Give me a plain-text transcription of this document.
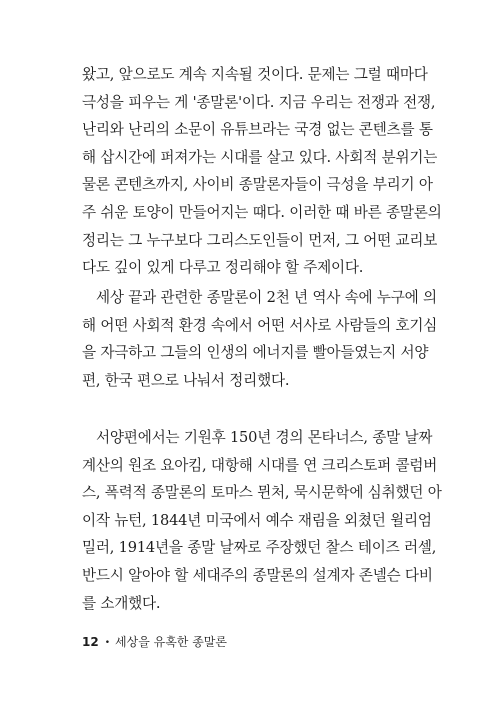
왔고, 앞으로도 계속 지속될 것이다. 문제는 그럴 때마다
극성을 피우는 게 '종말론'이다. 지금 우리는 전쟁과 전쟁,
난리와 난리의 소문이 유튜브라는 국경 없는 콘텐츠를 통
해 삽시간에 퍼져가는 시대를 살고 있다. 사회적 분위기는
물론 콘텐츠까지, 사이비 종말론자들이 극성을 부리기 아
주 쉬운 토양이 만들어지는 때다. 이러한 때 바른 종말론의
정리는 그 누구보다 그리스도인들이 먼저, 그 어떤 교리보
다도 깊이 있게 다루고 정리해야 할 주제이다.
세상 끝과 관련한 종말론이 2천 년 역사 속에 누구에 의
해 어떤 사회적 환경 속에서 어떤 서사로 사람들의 호기심
을 자극하고 그들의 인생의 에너지를 빨아들였는지 서양
편, 한국 편으로 나눠서 정리했다.
서양편에서는 기원후 150년 경의 몬타너스, 종말 날짜
계산의 원조 요아킴, 대항해 시대를 연 크리스토퍼 콜럼버
스, 폭력적 종말론의 토마스 뮌처, 묵시문학에 심취했던 아
이작 뉴턴, 1844년 미국에서 예수 재림을 외쳤던 윌리엄
밀러, 1914년을 종말 날짜로 주장했던 찰스 테이즈 러셀,
반드시 알아야 할 세대주의 종말론의 설계자 존넬슨 다비
를 소개했다.
12 • 세상을 유혹한 종말론
